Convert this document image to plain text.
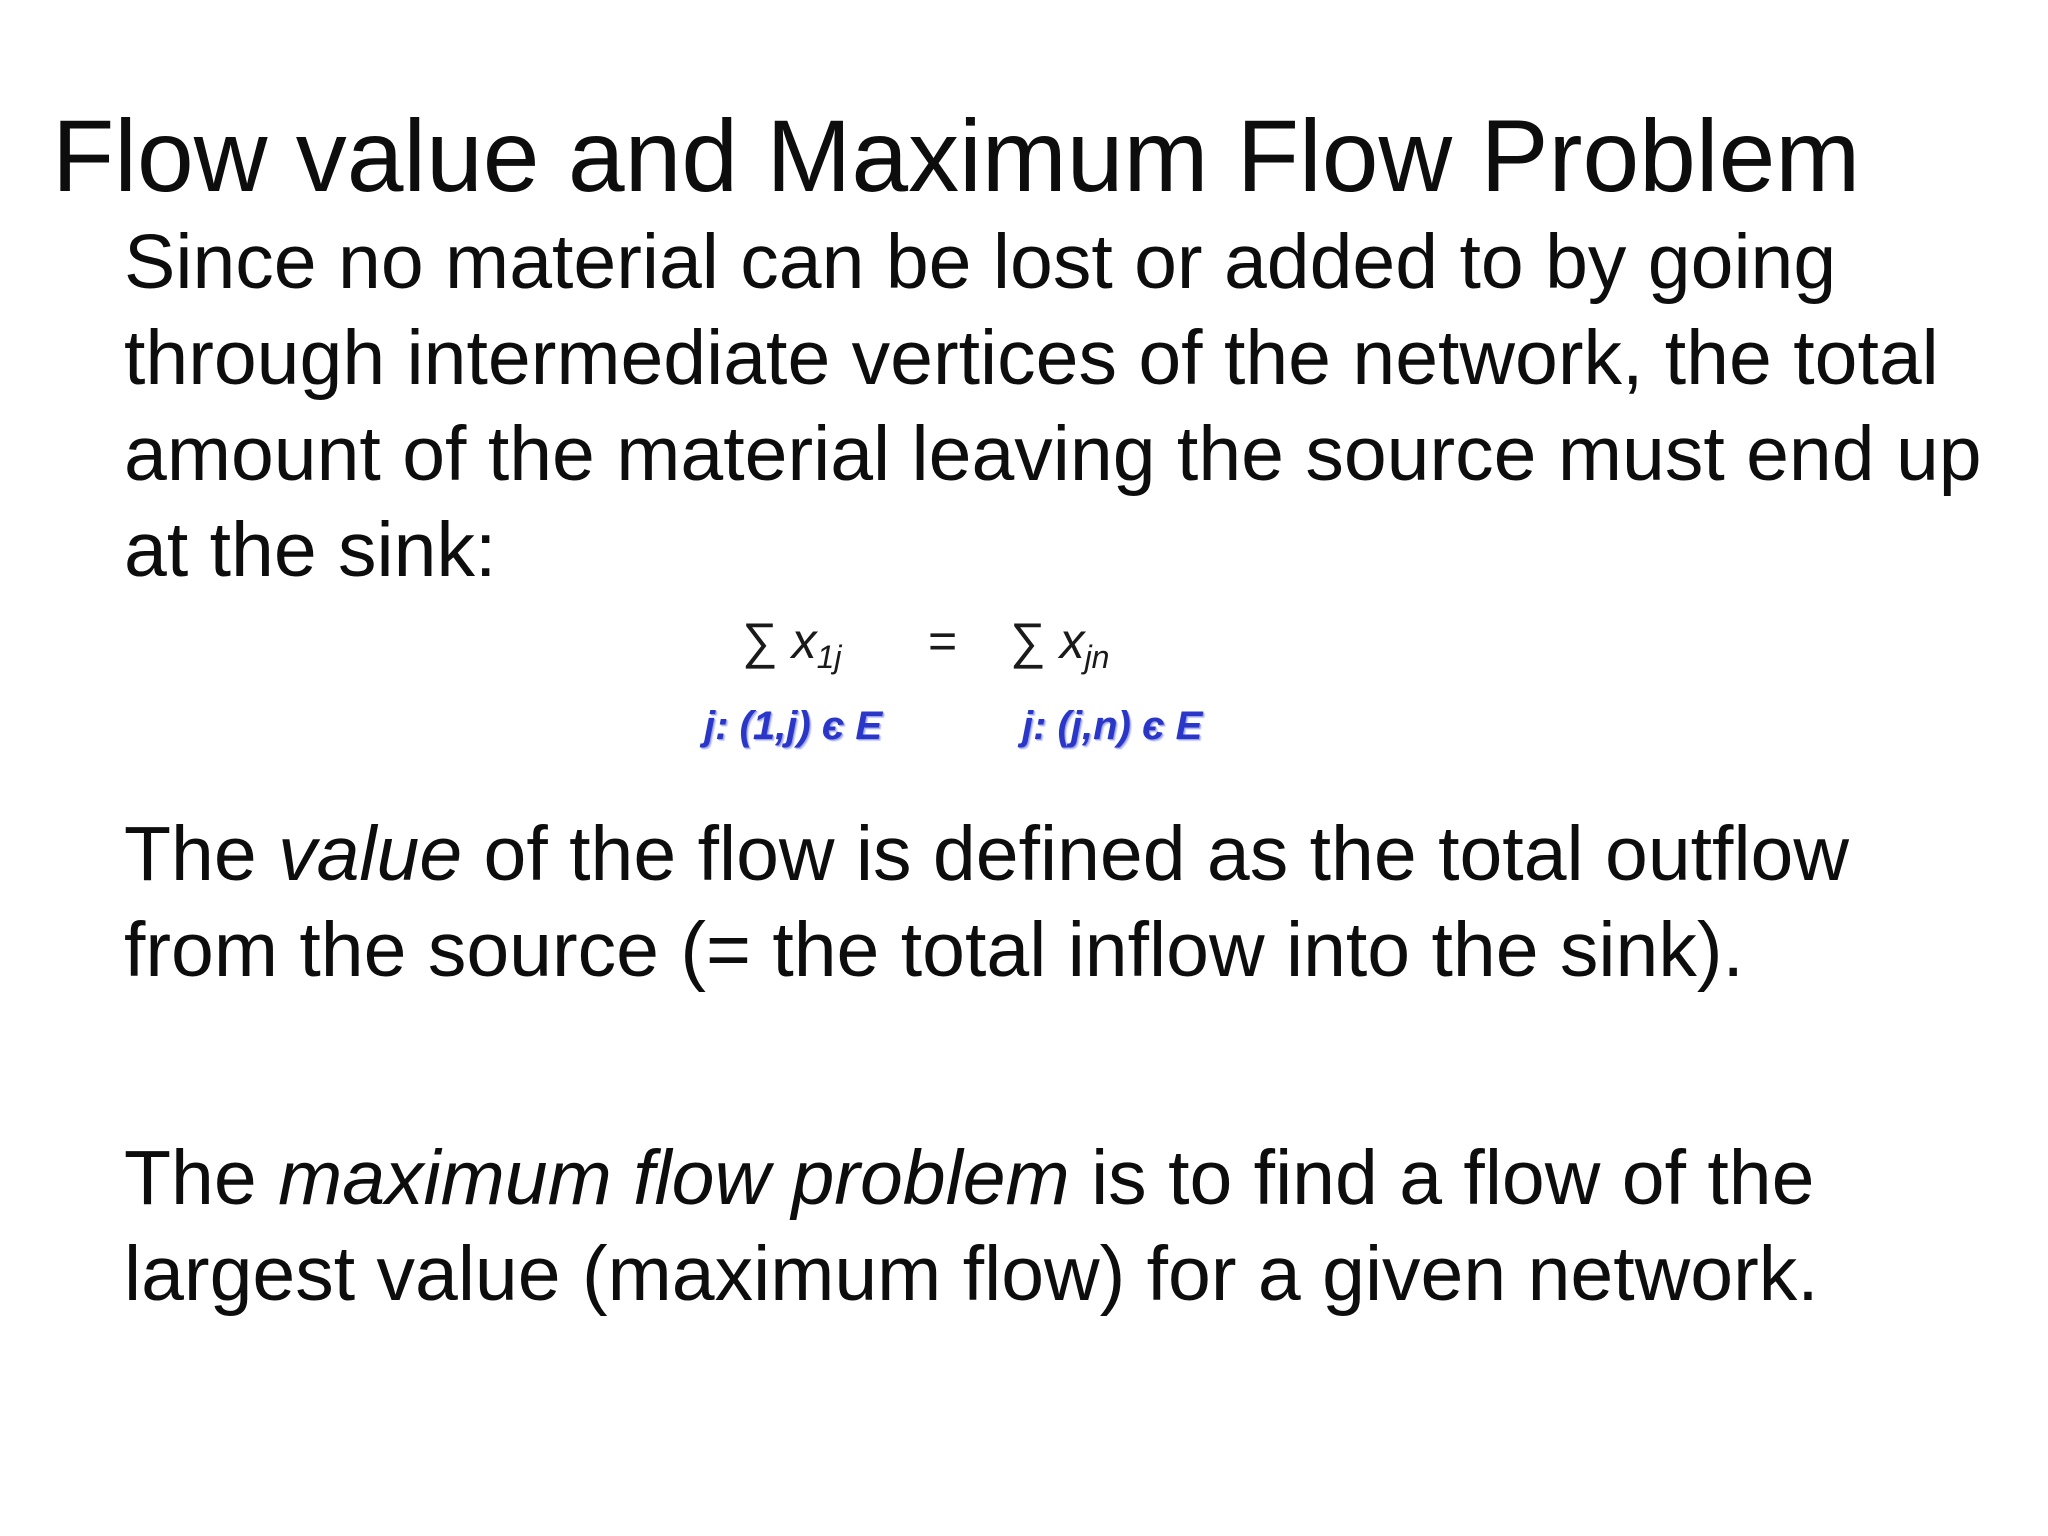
Flow value and Maximum Flow Problem

Since no material can be lost or added to by going through intermediate vertices of the network, the total amount of the material leaving the source must end up at the sink:

∑ $x_{1j}$ = ∑ $x_{jn}$
j: (1,j) є E	j: (j,n) є E

The value of the flow is defined as the total outflow from the source (= the total inflow into the sink).

The maximum flow problem is to find a flow of the largest value (maximum flow) for a given network.
